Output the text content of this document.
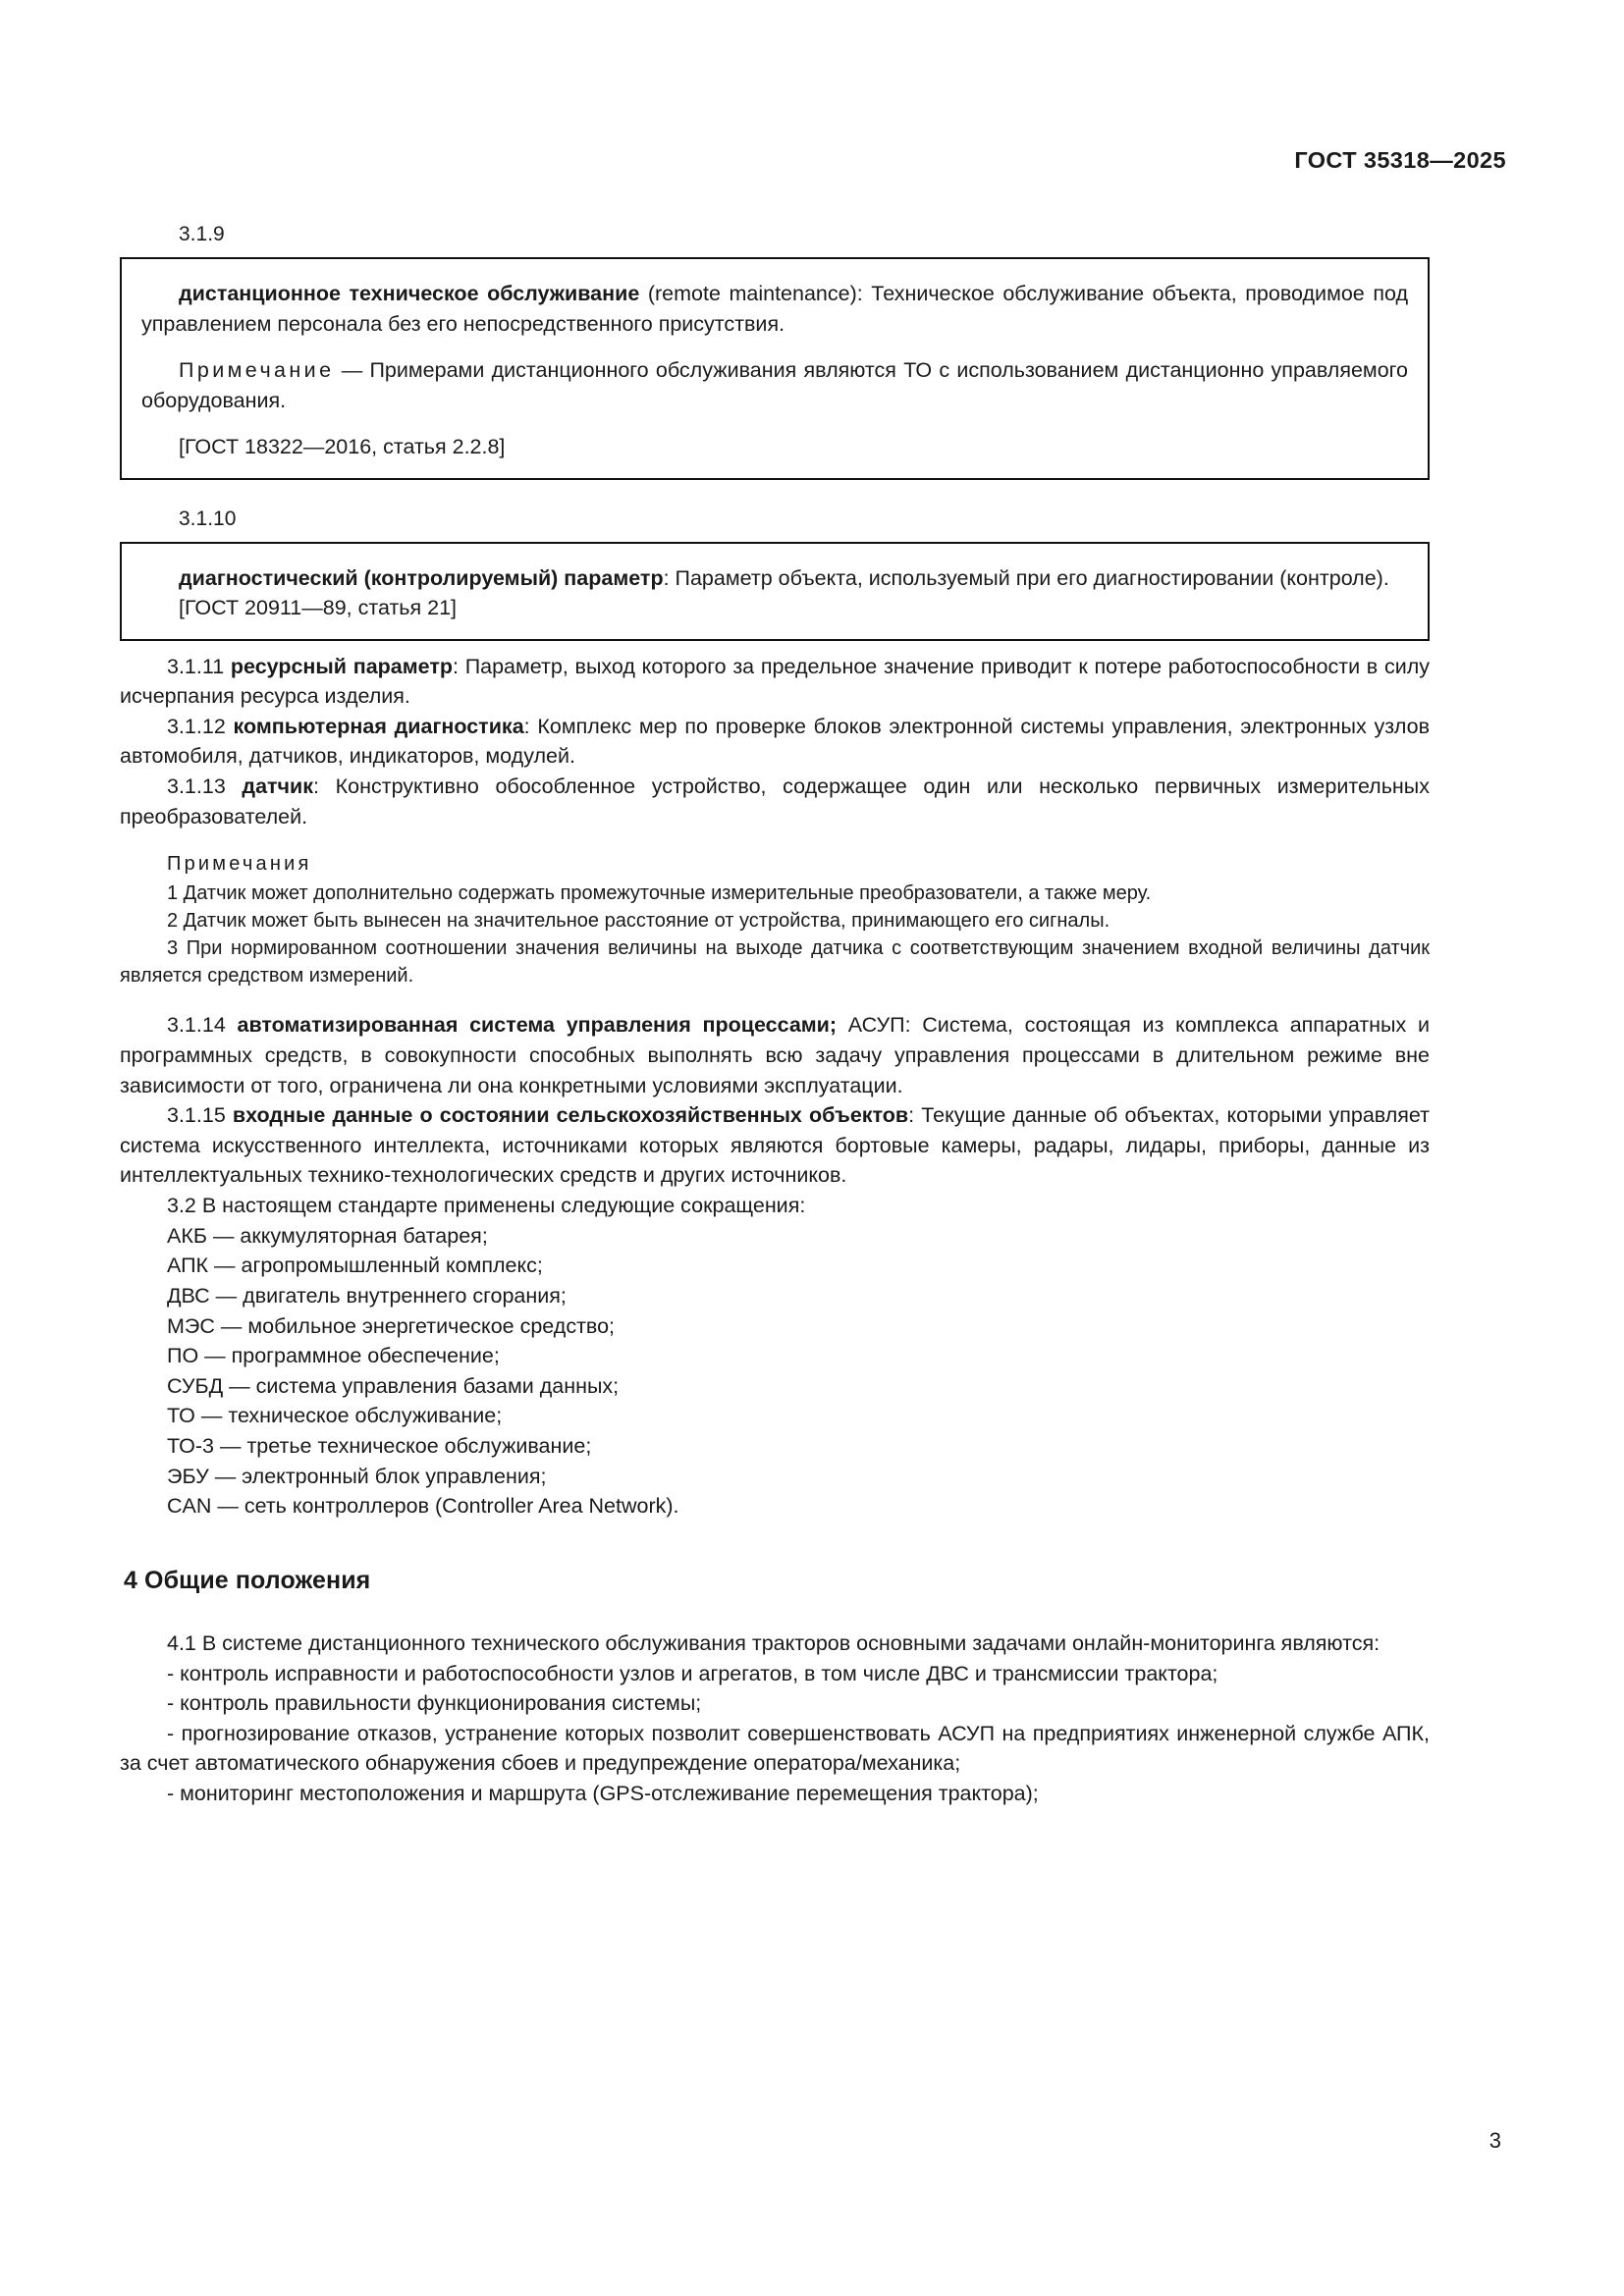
ГОСТ 35318—2025
3.1.9

дистанционное техническое обслуживание (remote maintenance): Техническое обслуживание объекта, проводимое под управлением персонала без его непосредственного присутствия.

Примечание — Примерами дистанционного обслуживания являются ТО с использованием дистанционно управляемого оборудования.

[ГОСТ 18322—2016, статья 2.2.8]

3.1.10

диагностический (контролируемый) параметр: Параметр объекта, используемый при его диагностировании (контроле).

[ГОСТ 20911—89, статья 21]

3.1.11 ресурсный параметр: Параметр, выход которого за предельное значение приводит к потере работоспособности в силу исчерпания ресурса изделия.

3.1.12 компьютерная диагностика: Комплекс мер по проверке блоков электронной системы управления, электронных узлов автомобиля, датчиков, индикаторов, модулей.

3.1.13 датчик: Конструктивно обособленное устройство, содержащее один или несколько первичных измерительных преобразователей.

Примечания

1 Датчик может дополнительно содержать промежуточные измерительные преобразователи, а также меру.

2 Датчик может быть вынесен на значительное расстояние от устройства, принимающего его сигналы.

3 При нормированном соотношении значения величины на выходе датчика с соответствующим значением входной величины датчик является средством измерений.

3.1.14 автоматизированная система управления процессами; АСУП: Система, состоящая из комплекса аппаратных и программных средств, в совокупности способных выполнять всю задачу управления процессами в длительном режиме вне зависимости от того, ограничена ли она конкретными условиями эксплуатации.

3.1.15 входные данные о состоянии сельскохозяйственных объектов: Текущие данные об объектах, которыми управляет система искусственного интеллекта, источниками которых являются бортовые камеры, радары, лидары, приборы, данные из интеллектуальных технико-технологических средств и других источников.

3.2 В настоящем стандарте применены следующие сокращения:

АКБ — аккумуляторная батарея;
АПК — агропромышленный комплекс;
ДВС — двигатель внутреннего сгорания;
МЭС — мобильное энергетическое средство;
ПО — программное обеспечение;
СУБД — система управления базами данных;
ТО — техническое обслуживание;
ТО-3 — третье техническое обслуживание;
ЭБУ — электронный блок управления;
CAN — сеть контроллеров (Controller Area Network).
4 Общие положения

4.1 В системе дистанционного технического обслуживания тракторов основными задачами онлайн-мониторинга являются:

- контроль исправности и работоспособности узлов и агрегатов, в том числе ДВС и трансмиссии трактора;

- контроль правильности функционирования системы;

- прогнозирование отказов, устранение которых позволит совершенствовать АСУП на предприятиях инженерной службе АПК, за счет автоматического обнаружения сбоев и предупреждение оператора/механика;

- мониторинг местоположения и маршрута (GPS-отслеживание перемещения трактора);

3
